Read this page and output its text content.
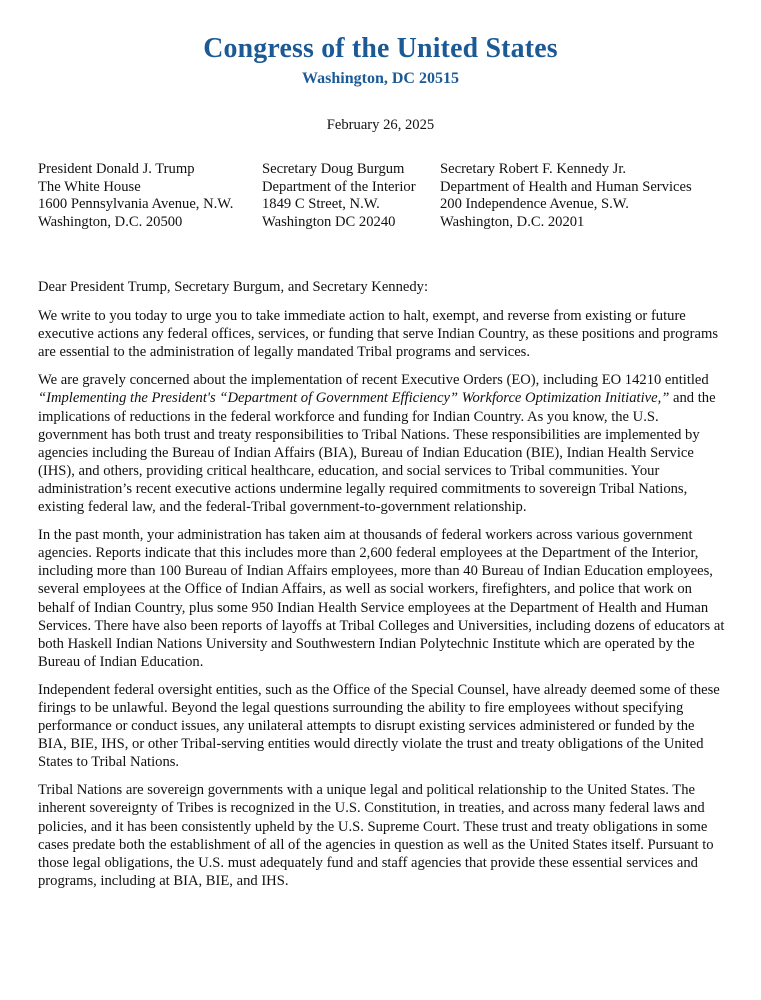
Congress of the United States
Washington, DC 20515
February 26, 2025
President Donald J. Trump
The White House
1600 Pennsylvania Avenue, N.W.
Washington, D.C. 20500
Secretary Doug Burgum
Department of the Interior
1849 C Street, N.W.
Washington DC 20240
Secretary Robert F. Kennedy Jr.
Department of Health and Human Services
200 Independence Avenue, S.W.
Washington, D.C. 20201

Dear President Trump, Secretary Burgum, and Secretary Kennedy:

We write to you today to urge you to take immediate action to halt, exempt, and reverse from existing or future executive actions any federal offices, services, or funding that serve Indian Country, as these positions and programs are essential to the administration of legally mandated Tribal programs and services.

We are gravely concerned about the implementation of recent Executive Orders (EO), including EO 14210 entitled “Implementing the President's “Department of Government Efficiency” Workforce Optimization Initiative,” and the implications of reductions in the federal workforce and funding for Indian Country. As you know, the U.S. government has both trust and treaty responsibilities to Tribal Nations. These responsibilities are implemented by agencies including the Bureau of Indian Affairs (BIA), Bureau of Indian Education (BIE), Indian Health Service (IHS), and others, providing critical healthcare, education, and social services to Tribal communities. Your administration’s recent executive actions undermine legally required commitments to sovereign Tribal Nations, existing federal law, and the federal-Tribal government-to-government relationship.

In the past month, your administration has taken aim at thousands of federal workers across various government agencies. Reports indicate that this includes more than 2,600 federal employees at the Department of the Interior, including more than 100 Bureau of Indian Affairs employees, more than 40 Bureau of Indian Education employees, several employees at the Office of Indian Affairs, as well as social workers, firefighters, and police that work on behalf of Indian Country, plus some 950 Indian Health Service employees at the Department of Health and Human Services. There have also been reports of layoffs at Tribal Colleges and Universities, including dozens of educators at both Haskell Indian Nations University and Southwestern Indian Polytechnic Institute which are operated by the Bureau of Indian Education.

Independent federal oversight entities, such as the Office of the Special Counsel, have already deemed some of these firings to be unlawful. Beyond the legal questions surrounding the ability to fire employees without specifying performance or conduct issues, any unilateral attempts to disrupt existing services administered or funded by the BIA, BIE, IHS, or other Tribal-serving entities would directly violate the trust and treaty obligations of the United States to Tribal Nations.

Tribal Nations are sovereign governments with a unique legal and political relationship to the United States. The inherent sovereignty of Tribes is recognized in the U.S. Constitution, in treaties, and across many federal laws and policies, and it has been consistently upheld by the U.S. Supreme Court. These trust and treaty obligations in some cases predate both the establishment of all of the agencies in question as well as the United States itself. Pursuant to those legal obligations, the U.S. must adequately fund and staff agencies that provide these essential services and programs, including at BIA, BIE, and IHS.
